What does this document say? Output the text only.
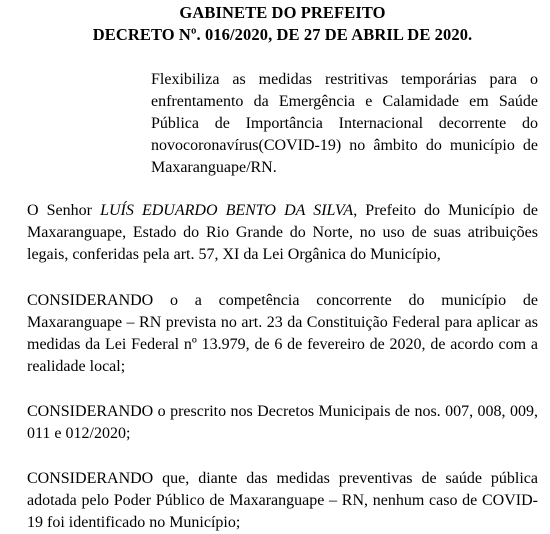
GABINETE DO PREFEITO

DECRETO Nº. 016/2020, DE 27 DE ABRIL DE 2020.

Flexibiliza as medidas restritivas temporárias para o enfrentamento da Emergência e Calamidade em Saúde Pública de Importância Internacional decorrente do novocoronavírus(COVID-19) no âmbito do município de Maxaranguape/RN.

O Senhor LUÍS EDUARDO BENTO DA SILVA, Prefeito do Município de Maxaranguape, Estado do Rio Grande do Norte, no uso de suas atribuições legais, conferidas pela art. 57, XI da Lei Orgânica do Município,

CONSIDERANDO o a competência concorrente do município de Maxaranguape – RN prevista no art. 23 da Constituição Federal para aplicar as medidas da Lei Federal nº 13.979, de 6 de fevereiro de 2020, de acordo com a realidade local;

CONSIDERANDO o prescrito nos Decretos Municipais de nos. 007, 008, 009, 011 e 012/2020;

CONSIDERANDO que, diante das medidas preventivas de saúde pública adotada pelo Poder Público de Maxaranguape – RN, nenhum caso de COVID-19 foi identificado no Município;
